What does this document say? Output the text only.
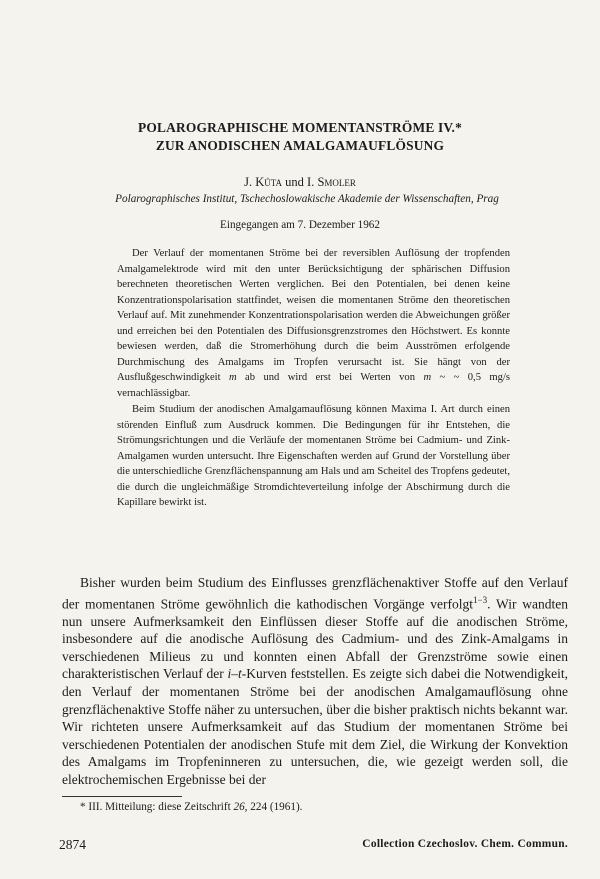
POLAROGRAPHISCHE MOMENTANSTRÖME IV.*
ZUR ANODISCHEN AMALGAMAUFLÖSUNG
J. Kůta und I. Smoler
Polarographisches Institut, Tschechoslowakische Akademie der Wissenschaften, Prag
Eingegangen am 7. Dezember 1962

Der Verlauf der momentanen Ströme bei der reversiblen Auflösung der tropfenden Amalgamelektrode wird mit den unter Berücksichtigung der sphärischen Diffusion berechneten theoretischen Werten verglichen. Bei den Potentialen, bei denen keine Konzentrationspolarisation stattfindet, weisen die momentanen Ströme den theoretischen Verlauf auf. Mit zunehmender Konzentrationspolarisation werden die Abweichungen größer und erreichen bei den Potentialen des Diffusionsgrenzstromes den Höchstwert. Es konnte bewiesen werden, daß die Stromerhöhung durch die beim Ausströmen erfolgende Durchmischung des Amalgams im Tropfen verursacht ist. Sie hängt von der Ausflußgeschwindigkeit m ab und wird erst bei Werten von m ~ ~ 0,5 mg/s vernachlässigbar.

Beim Studium der anodischen Amalgamauflösung können Maxima I. Art durch einen störenden Einfluß zum Ausdruck kommen. Die Bedingungen für ihr Entstehen, die Strömungsrichtungen und die Verläufe der momentanen Ströme bei Cadmium- und Zink-Amalgamen wurden untersucht. Ihre Eigenschaften werden auf Grund der Vorstellung über die unterschiedliche Grenzflächenspannung am Hals und am Scheitel des Tropfens gedeutet, die durch die ungleichmäßige Stromdichteverteilung infolge der Abschirmung durch die Kapillare bewirkt ist.

Bisher wurden beim Studium des Einflusses grenzflächenaktiver Stoffe auf den Verlauf der momentanen Ströme gewöhnlich die kathodischen Vorgänge verfolgt$^{1-3}$. Wir wandten nun unsere Aufmerksamkeit den Einflüssen dieser Stoffe auf die anodischen Ströme, insbesondere auf die anodische Auflösung des Cadmium- und des Zink-Amalgams in verschiedenen Milieus zu und konnten einen Abfall der Grenzströme sowie einen charakteristischen Verlauf der i–t-Kurven feststellen. Es zeigte sich dabei die Notwendigkeit, den Verlauf der momentanen Ströme bei der anodischen Amalgamauflösung ohne grenzflächenaktive Stoffe näher zu untersuchen, über die bisher praktisch nichts bekannt war. Wir richteten unsere Aufmerksamkeit auf das Studium der momentanen Ströme bei verschiedenen Potentialen der anodischen Stufe mit dem Ziel, die Wirkung der Konvektion des Amalgams im Tropfeninneren zu untersuchen, die, wie gezeigt werden soll, die elektrochemischen Ergebnisse bei der

* III. Mitteilung: diese Zeitschrift 26, 224 (1961).
2874	Collection Czechoslov. Chem. Commun.
